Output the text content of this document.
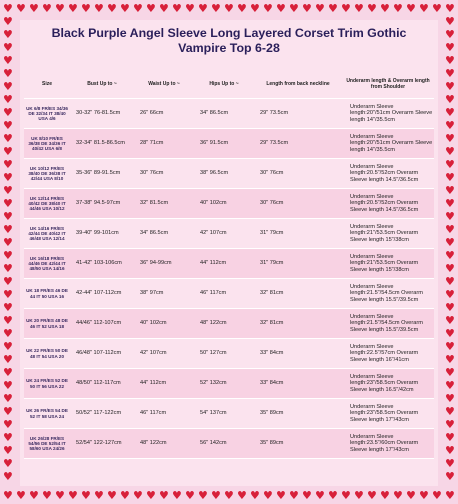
♥
♥
♥
♥
♥
♥
♥
♥
♥
♥
♥
♥
♥
♥
♥
♥
♥
♥
♥
♥
♥
♥
♥
♥
♥
♥
♥
♥
♥
♥
♥
♥
♥
♥
♥
♥
♥
♥
♥
♥
♥
♥
♥
♥
♥
♥
♥
♥
♥
♥
♥
♥
♥
♥
♥
♥
♥
♥
♥
♥
♥
♥
♥
♥
♥
♥
♥
♥
♥
♥
♥	♥
♥	♥
♥	♥
♥	♥
♥	♥
♥	♥
♥	♥
♥	♥
♥	♥
♥	♥
♥	♥
♥	♥
♥	♥
♥	♥
♥	♥
♥	♥
♥	♥
♥	♥
♥	♥
♥	♥
♥	♥
♥	♥
♥	♥
♥	♥
♥	♥
♥	♥
♥	♥
♥	♥
♥	♥
♥	♥
♥	♥
♥	♥
♥	♥
♥	♥
♥	♥
♥	♥
Black Purple Angel Sleeve Long Layered Corset Trim Gothic
Vampire Top 6-28
Size	Bust Up to ~	Waist Up to ~	Hips Up to ~	Length from back neckline	Underarm length & Overarm length from Shoulder
UK 6/8 FR/ES 34/36 DE 32/34 IT 38/40 USA 4/6	30-32" 76-81.5cm	26" 66cm	34" 86.5cm	29" 73.5cm	Underarm Sleeve length:20"/51cm Overarm Sleeve length 14"/35.5cm
UK 8/10 FR/ES 36/38 DE 34/36 IT 40/42 USA 6/8	32-34" 81.5-86.5cm	28" 71cm	36" 91.5cm	29" 73.5cm	Underarm Sleeve length:20"/51cm Overarm Sleeve length 14"/35.5cm
UK 10/12 FR/ES 38/40 DE 36/38 IT 42/44 USA 8/10	35-36" 89-91.5cm	30" 76cm	38" 96.5cm	30" 76cm	Underarm Sleeve length:20.5"/52cm Overarm Sleeve length 14.5"/36.5cm
UK 12/14 FR/ES 40/42 DE 38/40 IT 44/46 USA 10/12	37-38" 94.5-97cm	32" 81.5cm	40" 102cm	30" 76cm	Underarm Sleeve length:20.5"/52cm Overarm Sleeve length 14.5"/36.5cm
UK 14/16 FR/ES 42/44 DE 40/42 IT 46/48 USA 12/14	39-40" 99-101cm	34" 86.5cm	42" 107cm	31" 79cm	Underarm Sleeve length:21"/53.5cm Overarm Sleeve length 15"/38cm
UK 16/18 FR/ES 44/46 DE 42/44 IT 48/50 USA 14/16	41-42" 103-106cm	36" 94-99cm	44" 112cm	31" 79cm	Underarm Sleeve length:21"/53.5cm Overarm Sleeve length 15"/38cm
UK 18 FR/ES 46 DE 44 IT 50 USA 16	42-44" 107-112cm	38" 97cm	46" 117cm	32" 81cm	Underarm Sleeve length:21.5"/54.5cm Overarm Sleeve length 15.5"/39.5cm
UK 20 FR/ES 48 DE 46 IT 52 USA 18	44/46" 112-107cm	40" 102cm	48" 122cm	32" 81cm	Underarm Sleeve length:21.5"/54.5cm Overarm Sleeve length 15.5"/39.5cm
UK 22 FR/ES 50 DE 48 IT 54 USA 20	46/48" 107-112cm	42" 107cm	50" 127cm	33" 84cm	Underarm Sleeve length:22.5"/57cm Overarm Sleeve length 16"/41cm
UK 24 FR/ES 52 DE 50 IT 56 USA 22	48/50" 112-117cm	44" 112cm	52" 132cm	33" 84cm	Underarm Sleeve length:23"/58.5cm Overarm Sleeve length 16.5"/42cm
UK 26 FR/ES 54 DE 52 IT 58 USA 24	50/52" 117-122cm	46" 117cm	54" 137cm	35" 89cm	Underarm Sleeve length:23"/58.5cm Overarm Sleeve length 17"/43cm
UK 26/28 FR/ES 54/56 DE 52/54 IT 58/60 USA 24/26	52/54" 122-127cm	48" 122cm	56" 142cm	35" 89cm	Underarm Sleeve length:23.5"/60cm Overarm Sleeve length 17"/43cm
